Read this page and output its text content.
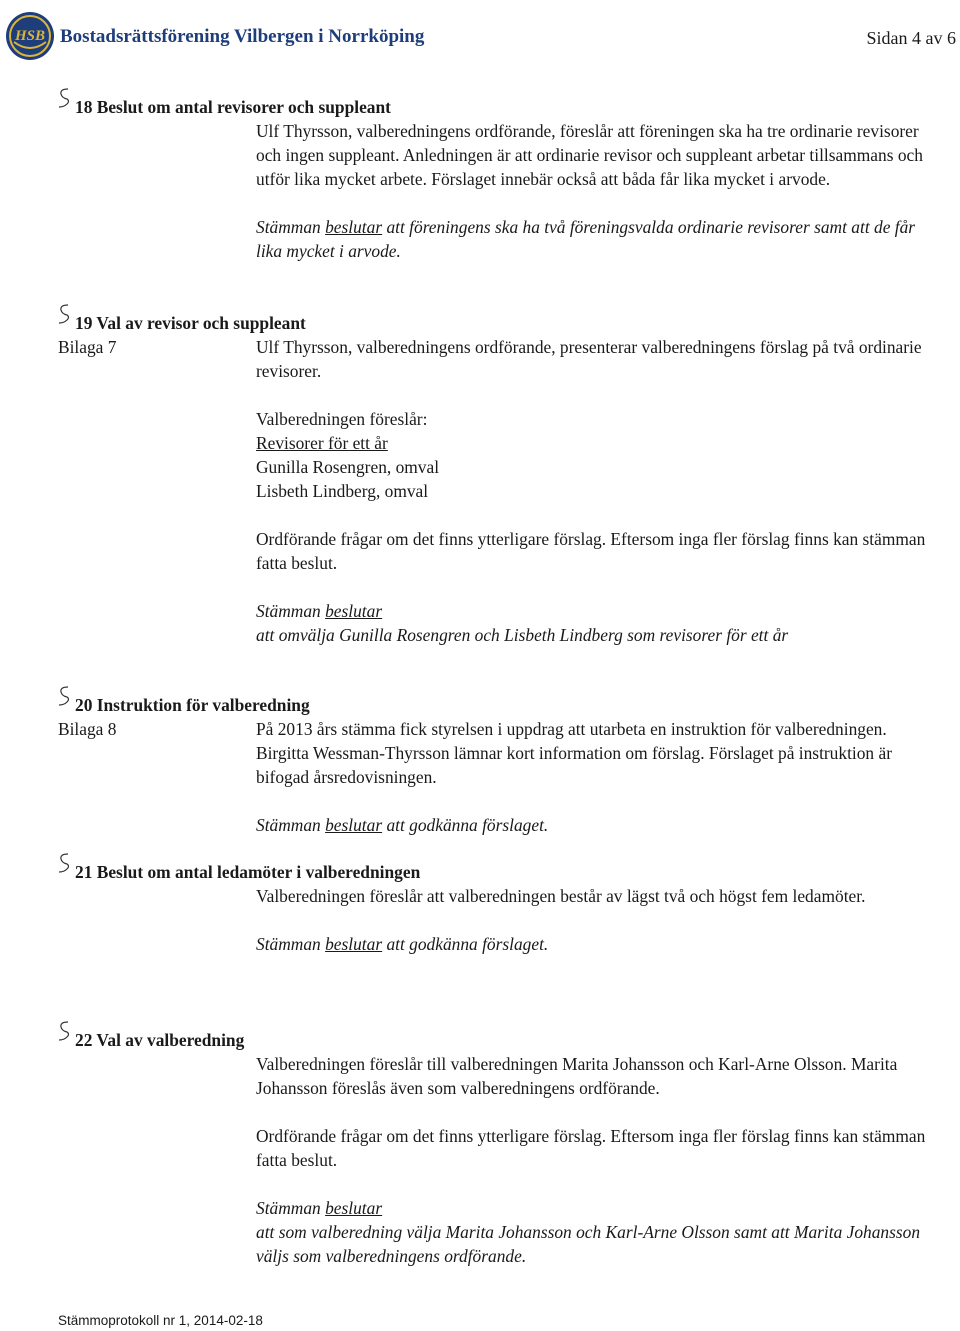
HSB Bostadsrättsförening Vilbergen i Norrköping	Sidan 4 av 6
18 Beslut om antal revisorer och suppleant

Ulf Thyrsson, valberedningens ordförande, föreslår att föreningen ska ha tre ordinarie revisorer och ingen suppleant. Anledningen är att ordinarie revisor och suppleant arbetar tillsammans och utför lika mycket arbete. Förslaget innebär också att båda får lika mycket i arvode.

Stämman beslutar att föreningens ska ha två föreningsvalda ordinarie revisorer samt att de får lika mycket i arvode.

19 Val av revisor och suppleant
Bilaga 7	Ulf Thyrsson, valberedningens ordförande, presenterar valberedningens förslag på två ordinarie revisorer.

Valberedningen föreslår:

Revisorer för ett år

Gunilla Rosengren, omval

Lisbeth Lindberg, omval

Ordförande frågar om det finns ytterligare förslag. Eftersom inga fler förslag finns kan stämman fatta beslut.

Stämman beslutar

att omvälja Gunilla Rosengren och Lisbeth Lindberg som revisorer för ett år

20 Instruktion för valberedning
Bilaga 8	På 2013 års stämma fick styrelsen i uppdrag att utarbeta en instruktion för valberedningen. Birgitta Wessman-Thyrsson lämnar kort information om förslag. Förslaget på instruktion är bifogad årsredovisningen.

Stämman beslutar att godkänna förslaget.

21 Beslut om antal ledamöter i valberedningen

Valberedningen föreslår att valberedningen består av lägst två och högst fem ledamöter.

Stämman beslutar att godkänna förslaget.

22 Val av valberedning

Valberedningen föreslår till valberedningen Marita Johansson och Karl-Arne Olsson. Marita Johansson föreslås även som valberedningens ordförande.

Ordförande frågar om det finns ytterligare förslag. Eftersom inga fler förslag finns kan stämman fatta beslut.

Stämman beslutar

att som valberedning välja Marita Johansson och Karl-Arne Olsson samt att Marita Johansson väljs som valberedningens ordförande.

Stämmoprotokoll nr 1, 2014-02-18
